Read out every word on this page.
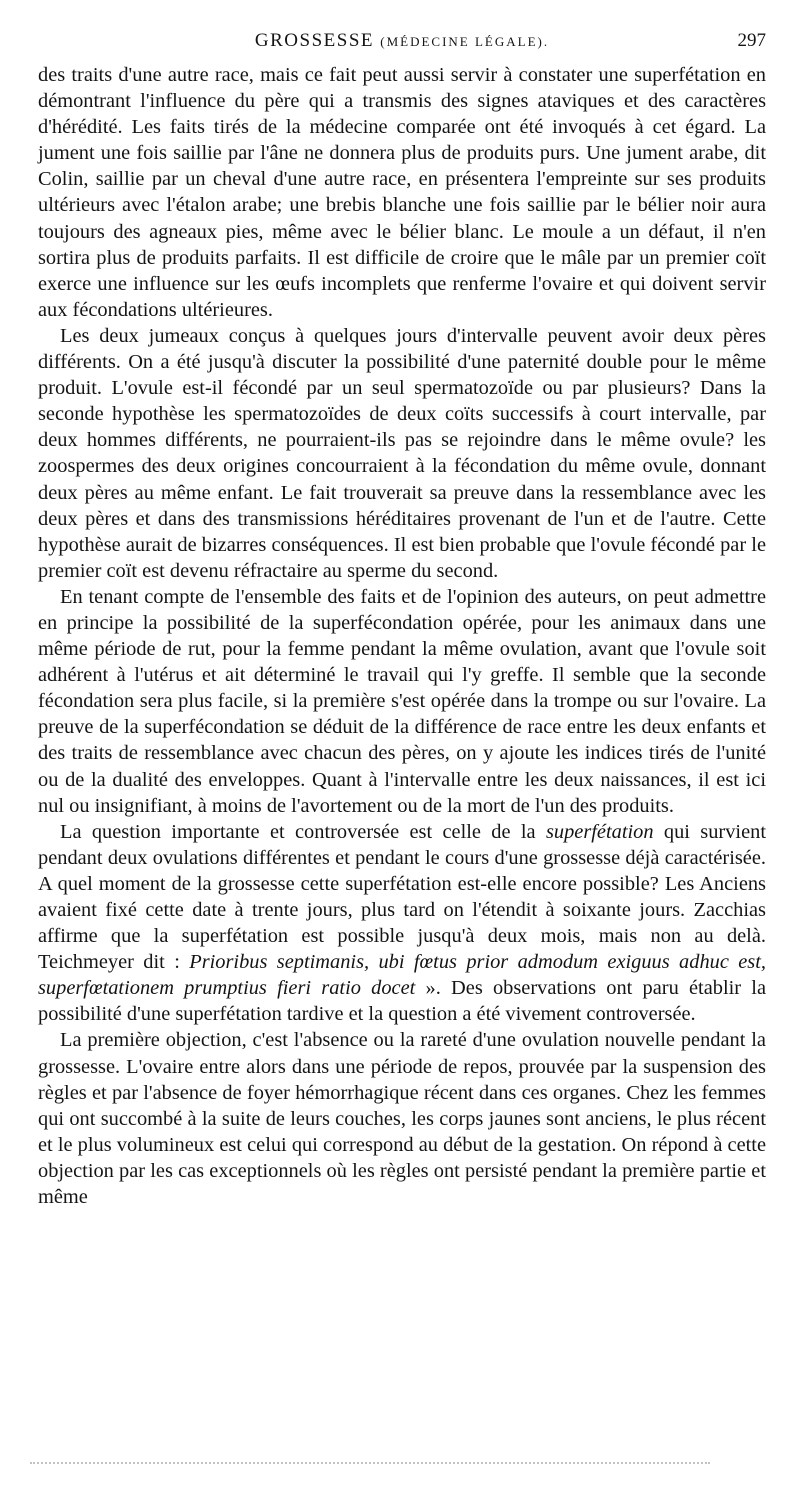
GROSSESSE (MÉDECINE LÉGALE).	297

des traits d'une autre race, mais ce fait peut aussi servir à constater une superfétation en démontrant l'influence du père qui a transmis des signes ataviques et des caractères d'hérédité. Les faits tirés de la médecine comparée ont été invoqués à cet égard. La jument une fois saillie par l'âne ne donnera plus de produits purs. Une jument arabe, dit Colin, saillie par un cheval d'une autre race, en présentera l'empreinte sur ses produits ultérieurs avec l'étalon arabe; une brebis blanche une fois saillie par le bélier noir aura toujours des agneaux pies, même avec le bélier blanc. Le moule a un défaut, il n'en sortira plus de produits parfaits. Il est difficile de croire que le mâle par un premier coït exerce une influence sur les œufs incomplets que renferme l'ovaire et qui doivent servir aux fécondations ultérieures.

Les deux jumeaux conçus à quelques jours d'intervalle peuvent avoir deux pères différents. On a été jusqu'à discuter la possibilité d'une paternité double pour le même produit. L'ovule est-il fécondé par un seul spermatozoïde ou par plusieurs? Dans la seconde hypothèse les spermatozoïdes de deux coïts successifs à court intervalle, par deux hommes différents, ne pourraient-ils pas se rejoindre dans le même ovule? les zoospermes des deux origines concourraient à la fécondation du même ovule, donnant deux pères au même enfant. Le fait trouverait sa preuve dans la ressemblance avec les deux pères et dans des transmissions héréditaires provenant de l'un et de l'autre. Cette hypothèse aurait de bizarres conséquences. Il est bien probable que l'ovule fécondé par le premier coït est devenu réfractaire au sperme du second.

En tenant compte de l'ensemble des faits et de l'opinion des auteurs, on peut admettre en principe la possibilité de la superfécondation opérée, pour les animaux dans une même période de rut, pour la femme pendant la même ovulation, avant que l'ovule soit adhérent à l'utérus et ait déterminé le travail qui l'y greffe. Il semble que la seconde fécondation sera plus facile, si la première s'est opérée dans la trompe ou sur l'ovaire. La preuve de la superfécondation se déduit de la différence de race entre les deux enfants et des traits de ressemblance avec chacun des pères, on y ajoute les indices tirés de l'unité ou de la dualité des enveloppes. Quant à l'intervalle entre les deux naissances, il est ici nul ou insignifiant, à moins de l'avortement ou de la mort de l'un des produits.

La question importante et controversée est celle de la superfétation qui survient pendant deux ovulations différentes et pendant le cours d'une grossesse déjà caractérisée. A quel moment de la grossesse cette superfétation est-elle encore possible? Les Anciens avaient fixé cette date à trente jours, plus tard on l'étendit à soixante jours. Zacchias affirme que la superfétation est possible jusqu'à deux mois, mais non au delà. Teichmeyer dit : Prioribus septimanis, ubi fœtus prior admodum exiguus adhuc est, superfœtationem prumptius fieri ratio docet ». Des observations ont paru établir la possibilité d'une superfétation tardive et la question a été vivement controversée.

La première objection, c'est l'absence ou la rareté d'une ovulation nouvelle pendant la grossesse. L'ovaire entre alors dans une période de repos, prouvée par la suspension des règles et par l'absence de foyer hémorrhagique récent dans ces organes. Chez les femmes qui ont succombé à la suite de leurs couches, les corps jaunes sont anciens, le plus récent et le plus volumineux est celui qui correspond au début de la gestation. On répond à cette objection par les cas exceptionnels où les règles ont persisté pendant la première partie et même
